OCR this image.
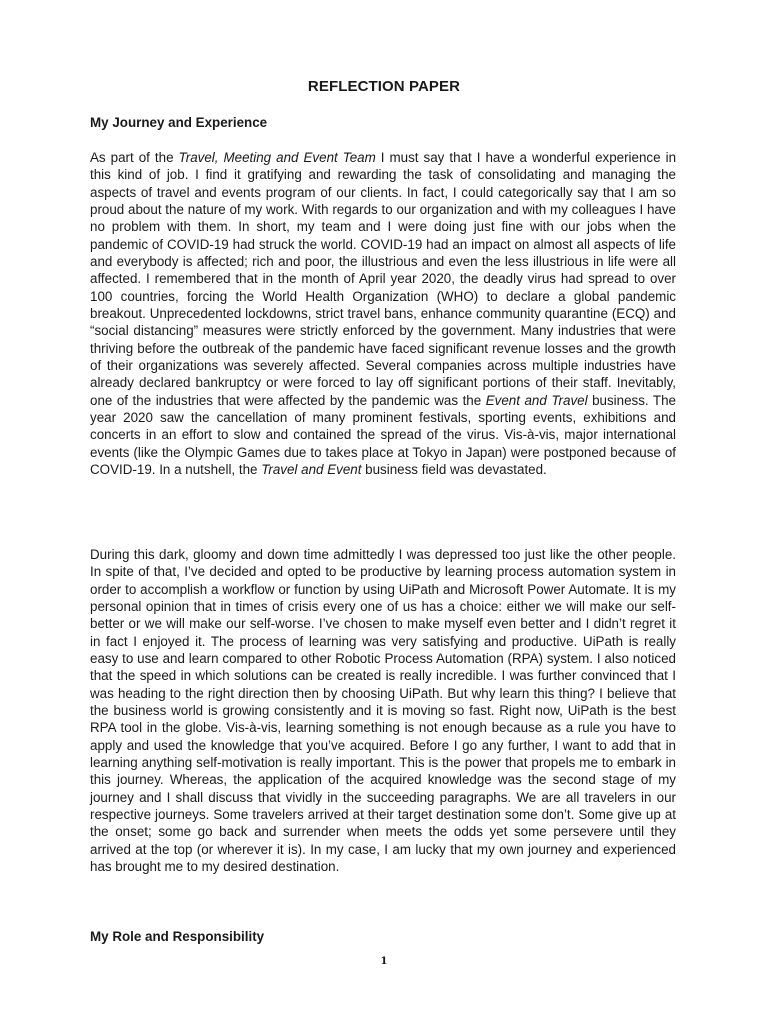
REFLECTION PAPER
My Journey and Experience

As part of the Travel, Meeting and Event Team I must say that I have a wonderful experience in this kind of job. I find it gratifying and rewarding the task of consolidating and managing the aspects of travel and events program of our clients. In fact, I could categorically say that I am so proud about the nature of my work. With regards to our organization and with my colleagues I have no problem with them. In short, my team and I were doing just fine with our jobs when the pandemic of COVID-19 had struck the world. COVID-19 had an impact on almost all aspects of life and everybody is affected; rich and poor, the illustrious and even the less illustrious in life were all affected. I remembered that in the month of April year 2020, the deadly virus had spread to over 100 countries, forcing the World Health Organization (WHO) to declare a global pandemic breakout. Unprecedented lockdowns, strict travel bans, enhance community quarantine (ECQ) and “social distancing” measures were strictly enforced by the government. Many industries that were thriving before the outbreak of the pandemic have faced significant revenue losses and the growth of their organizations was severely affected. Several companies across multiple industries have already declared bankruptcy or were forced to lay off significant portions of their staff. Inevitably, one of the industries that were affected by the pandemic was the Event and Travel business. The year 2020 saw the cancellation of many prominent festivals, sporting events, exhibitions and concerts in an effort to slow and contained the spread of the virus. Vis-à-vis, major international events (like the Olympic Games due to takes place at Tokyo in Japan) were postponed because of COVID-19. In a nutshell, the Travel and Event business field was devastated.

During this dark, gloomy and down time admittedly I was depressed too just like the other people. In spite of that, I’ve decided and opted to be productive by learning process automation system in order to accomplish a workflow or function by using UiPath and Microsoft Power Automate. It is my personal opinion that in times of crisis every one of us has a choice: either we will make our self-better or we will make our self-worse. I’ve chosen to make myself even better and I didn’t regret it in fact I enjoyed it. The process of learning was very satisfying and productive. UiPath is really easy to use and learn compared to other Robotic Process Automation (RPA) system. I also noticed that the speed in which solutions can be created is really incredible. I was further convinced that I was heading to the right direction then by choosing UiPath. But why learn this thing? I believe that the business world is growing consistently and it is moving so fast. Right now, UiPath is the best RPA tool in the globe. Vis-à-vis, learning something is not enough because as a rule you have to apply and used the knowledge that you’ve acquired. Before I go any further, I want to add that in learning anything self-motivation is really important. This is the power that propels me to embark in this journey. Whereas, the application of the acquired knowledge was the second stage of my journey and I shall discuss that vividly in the succeeding paragraphs. We are all travelers in our respective journeys. Some travelers arrived at their target destination some don’t. Some give up at the onset; some go back and surrender when meets the odds yet some persevere until they arrived at the top (or wherever it is). In my case, I am lucky that my own journey and experienced has brought me to my desired destination.

My Role and Responsibility
1
